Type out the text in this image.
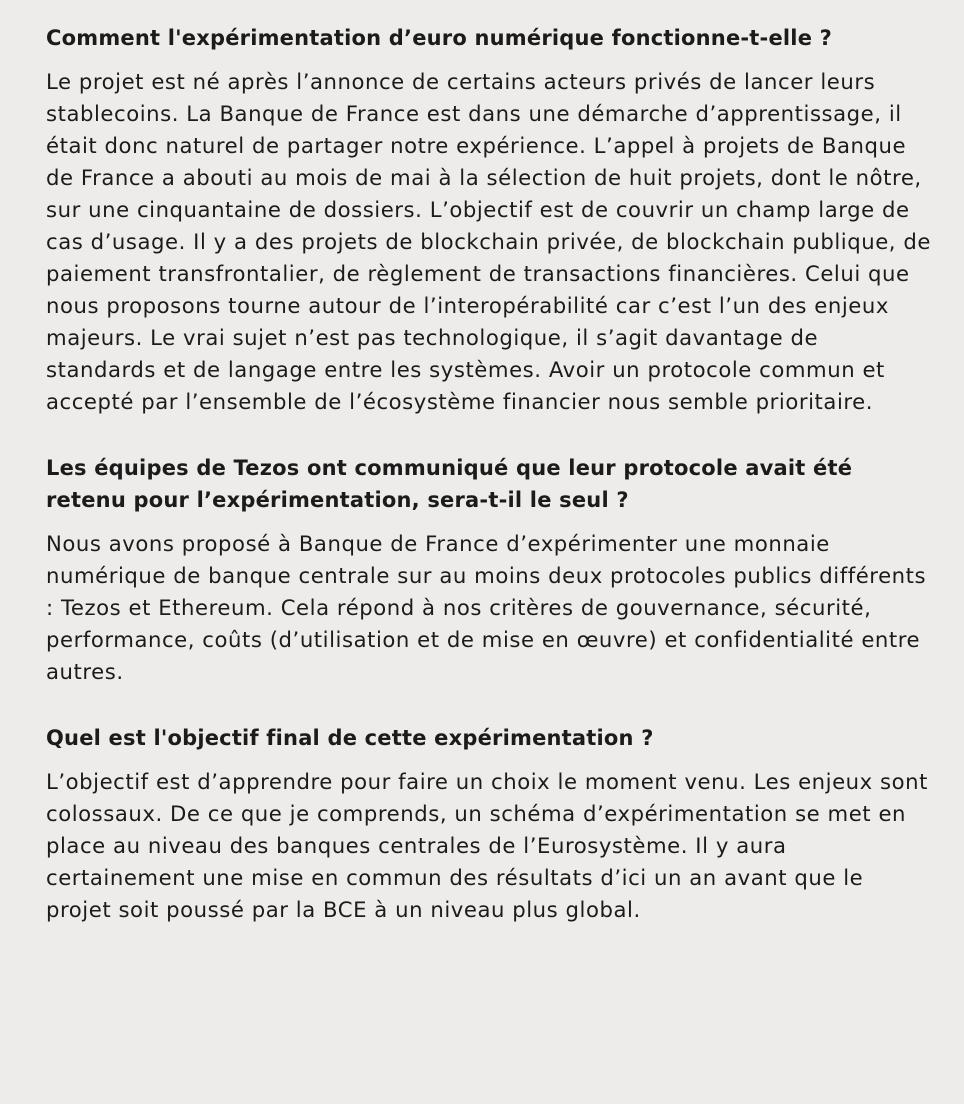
Comment l'expérimentation d’euro numérique fonctionne-t-elle ?

Le projet est né après l’annonce de certains acteurs privés de lancer leurs stablecoins. La Banque de France est dans une démarche d’apprentissage, il était donc naturel de partager notre expérience. L’appel à projets de Banque de France a abouti au mois de mai à la sélection de huit projets, dont le nôtre, sur une cinquantaine de dossiers. L’objectif est de couvrir un champ large de cas d’usage. Il y a des projets de blockchain privée, de blockchain publique, de paiement transfrontalier, de règlement de transactions financières. Celui que nous proposons tourne autour de l’interopérabilité car c’est l’un des enjeux majeurs. Le vrai sujet n’est pas technologique, il s’agit davantage de standards et de langage entre les systèmes. Avoir un protocole commun et accepté par l’ensemble de l’écosystème financier nous semble prioritaire.

Les équipes de Tezos ont communiqué que leur protocole avait été retenu pour l’expérimentation, sera-t-il le seul ?

Nous avons proposé à Banque de France d’expérimenter une monnaie numérique de banque centrale sur au moins deux protocoles publics différents : Tezos et Ethereum. Cela répond à nos critères de gouvernance, sécurité, performance, coûts (d’utilisation et de mise en œuvre) et confidentialité entre autres.

Quel est l'objectif final de cette expérimentation ?

L’objectif est d’apprendre pour faire un choix le moment venu. Les enjeux sont colossaux. De ce que je comprends, un schéma d’expérimentation se met en place au niveau des banques centrales de l’Eurosystème. Il y aura certainement une mise en commun des résultats d’ici un an avant que le projet soit poussé par la BCE à un niveau plus global.
